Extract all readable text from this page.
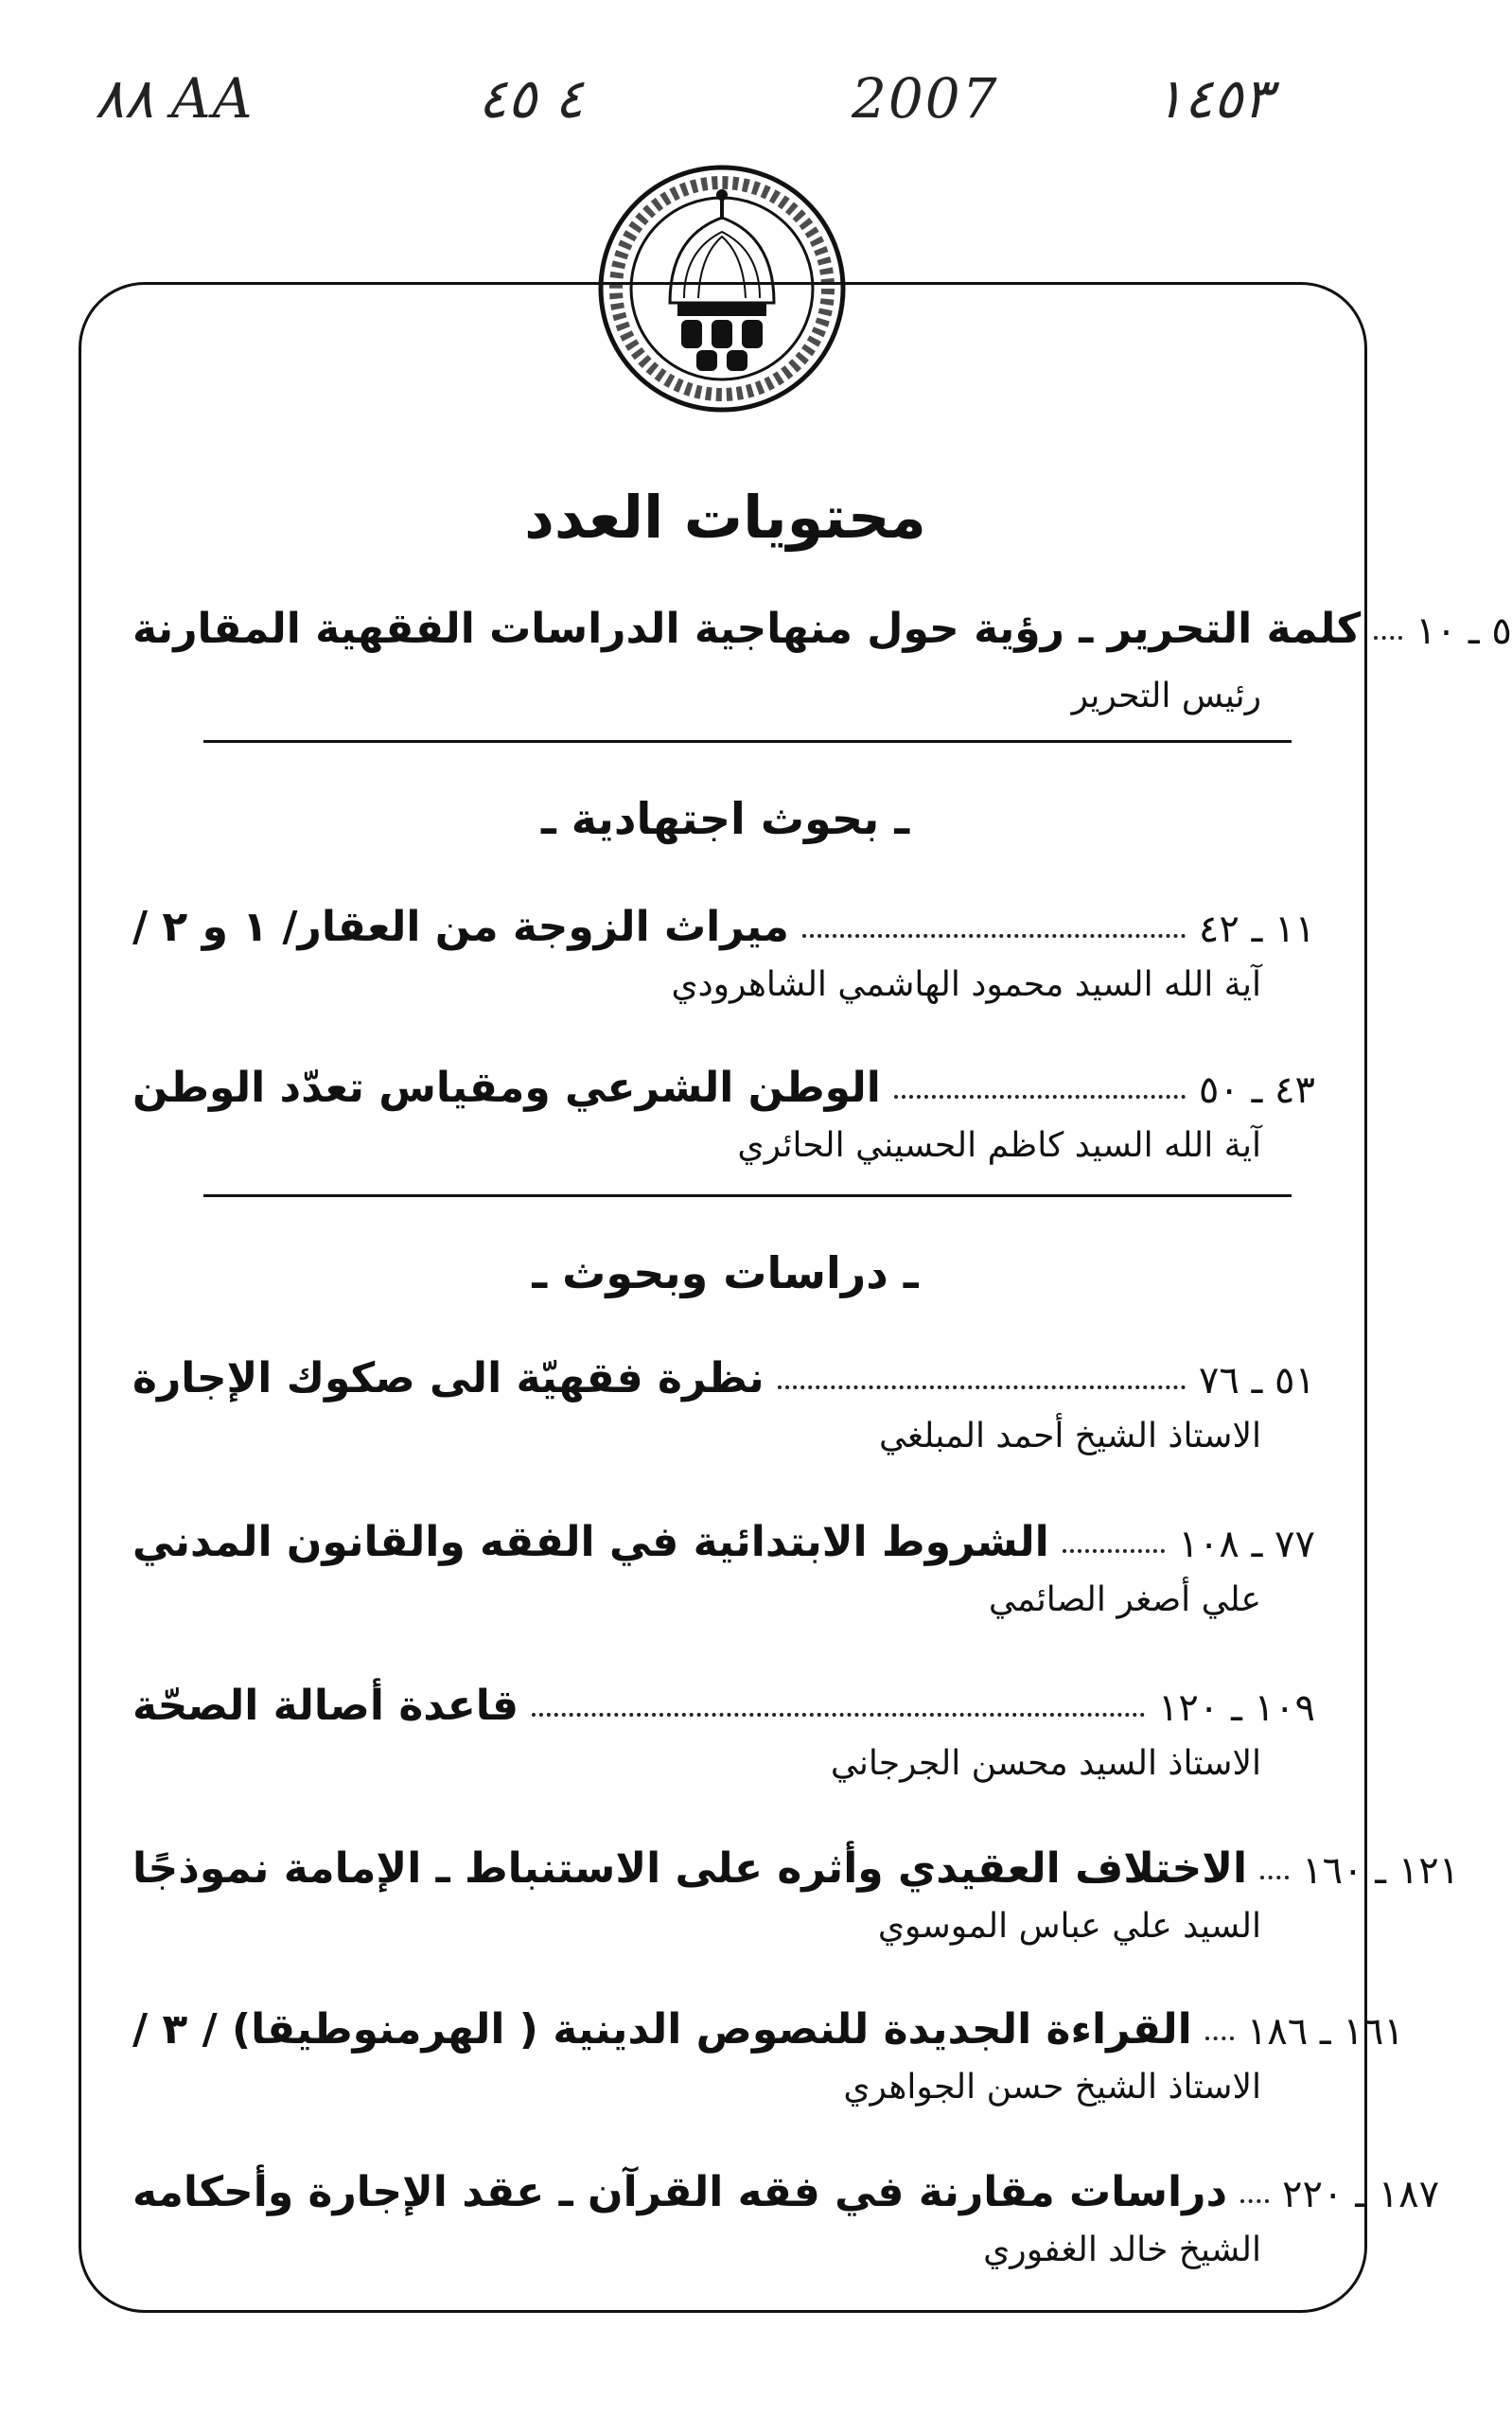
٨٨ AA	٤ ٤٥	2007	١٤٥٣
محتويات العدد
كلمة التحرير ـ رؤية حول منهاجية الدراسات الفقهية المقارنة ٥ ـ ١٠
رئيس التحرير
ـ بحوث اجتهادية ـ
ميراث الزوجة من العقار/ ١ و ٢ /	١١ ـ ٤٢
آية الله السيد محمود الهاشمي الشاهرودي
الوطن الشرعي ومقياس تعدّد الوطن	٤٣ ـ ٥٠
آية الله السيد كاظم الحسيني الحائري
ـ دراسات وبحوث ـ
نظرة فقهيّة الى صكوك الإجارة	٥١ ـ ٧٦
الاستاذ الشيخ أحمد المبلغي
الشروط الابتدائية في الفقه والقانون المدني	٧٧ ـ ١٠٨
علي أصغر الصائمي
قاعدة أصالة الصحّة	١٠٩ ـ ١٢٠
الاستاذ السيد محسن الجرجاني
الاختلاف العقيدي وأثره على الاستنباط ـ الإمامة نموذجًا ١٢١ ـ ١٦٠
السيد علي عباس الموسوي
القراءة الجديدة للنصوص الدينية ( الهرمنوطيقا) / ٣ / ١٦١ ـ ١٨٦
الاستاذ الشيخ حسن الجواهري
دراسات مقارنة في فقه القرآن ـ عقد الإجارة وأحكامه ١٨٧ ـ ٢٢٠
الشيخ خالد الغفوري
